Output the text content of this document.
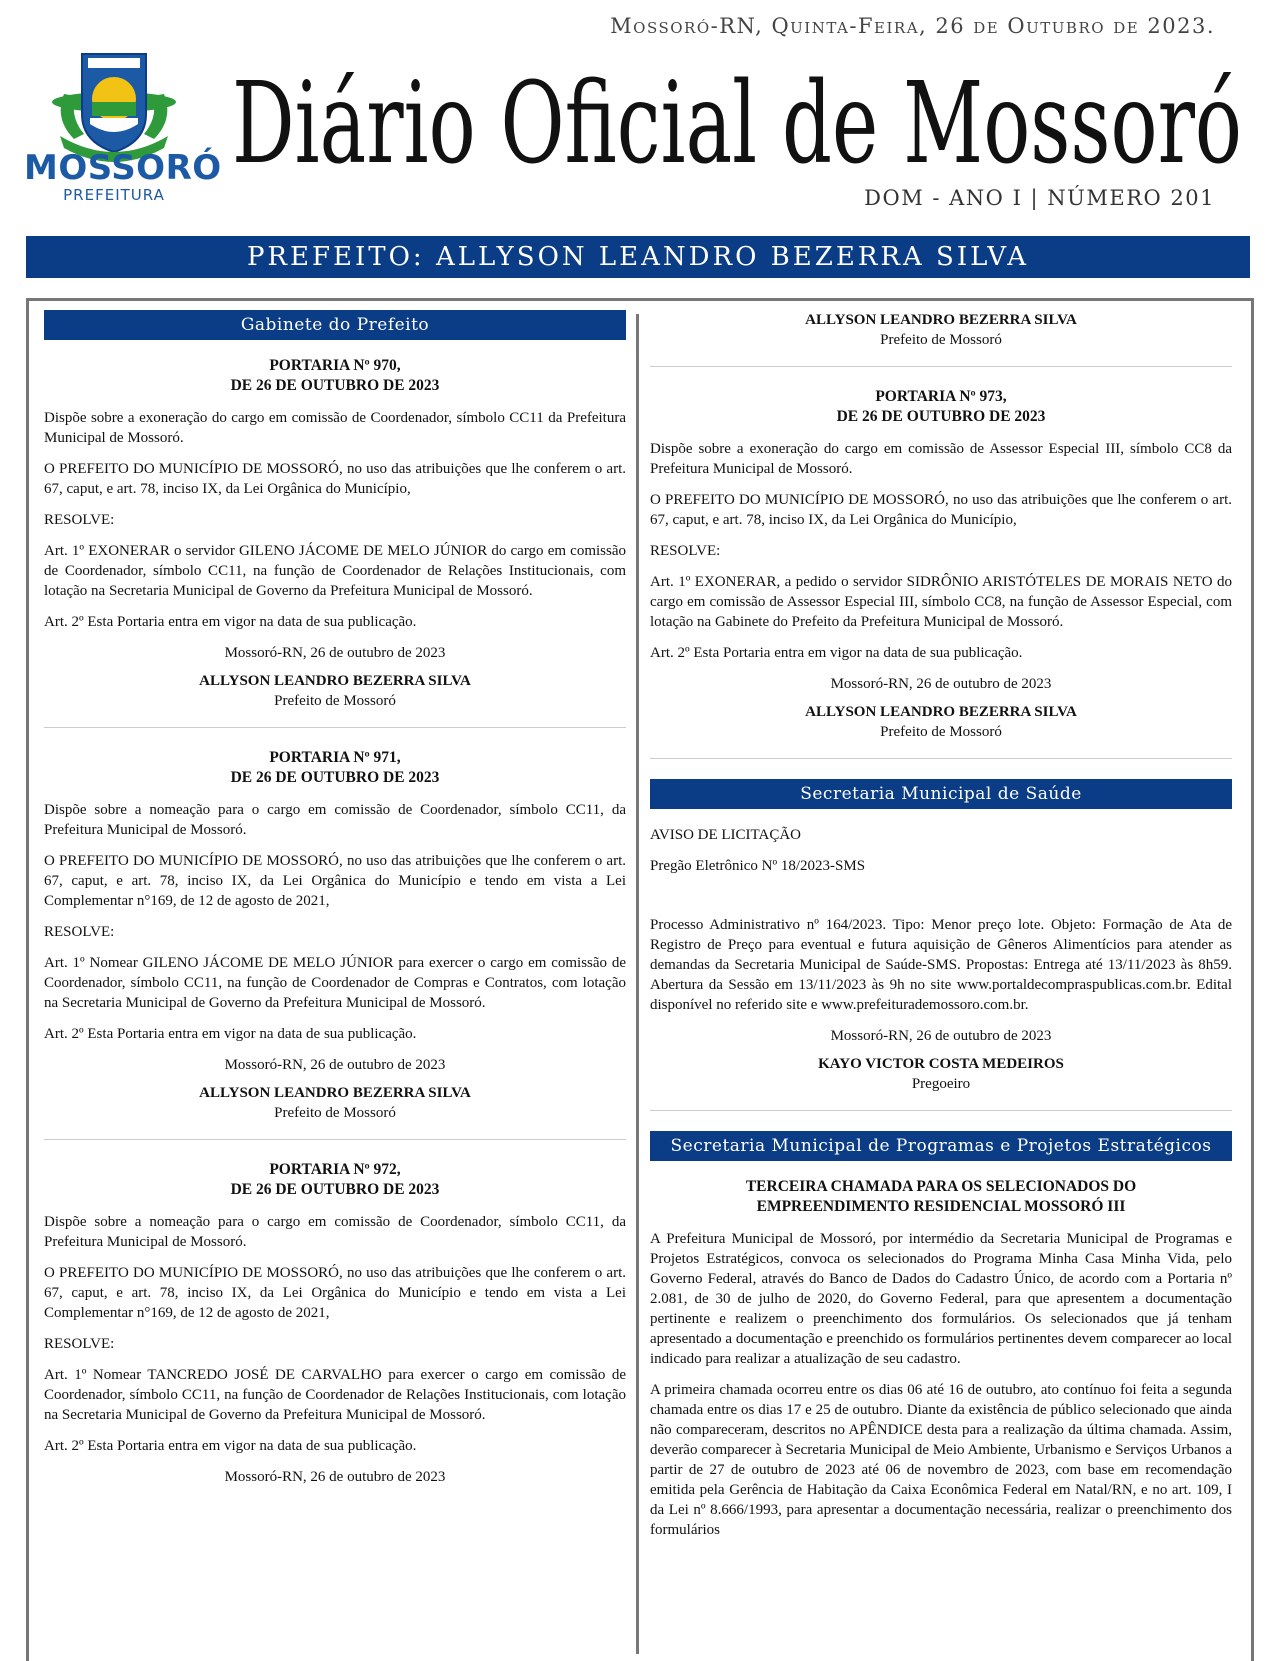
Mossoró-RN, Quinta-Feira, 26 de Outubro de 2023.
MOSSORÓ
PREFEITURA
Diário Oficial de Mossoró
DOM - ANO I | NÚMERO 201
PREFEITO: ALLYSON LEANDRO BEZERRA SILVA
Gabinete do Prefeito

PORTARIA Nº 970,
DE 26 DE OUTUBRO DE 2023

Dispõe sobre a exoneração do cargo em comissão de Coordenador, símbolo CC11 da Prefeitura Municipal de Mossoró.

O PREFEITO DO MUNICÍPIO DE MOSSORÓ, no uso das atribuições que lhe conferem o art. 67, caput, e art. 78, inciso IX, da Lei Orgânica do Município,

RESOLVE:

Art. 1º EXONERAR o servidor GILENO JÁCOME DE MELO JÚNIOR do cargo em comissão de Coordenador, símbolo CC11, na função de Coordenador de Relações Institucionais, com lotação na Secretaria Municipal de Governo da Prefeitura Municipal de Mossoró.

Art. 2º Esta Portaria entra em vigor na data de sua publicação.

Mossoró-RN, 26 de outubro de 2023

ALLYSON LEANDRO BEZERRA SILVA

Prefeito de Mossoró

PORTARIA Nº 971,
DE 26 DE OUTUBRO DE 2023

Dispõe sobre a nomeação para o cargo em comissão de Coordenador, símbolo CC11, da Prefeitura Municipal de Mossoró.

O PREFEITO DO MUNICÍPIO DE MOSSORÓ, no uso das atribuições que lhe conferem o art. 67, caput, e art. 78, inciso IX, da Lei Orgânica do Município e tendo em vista a Lei Complementar n°169, de 12 de agosto de 2021,

RESOLVE:

Art. 1º Nomear GILENO JÁCOME DE MELO JÚNIOR para exercer o cargo em comissão de Coordenador, símbolo CC11, na função de Coordenador de Compras e Contratos, com lotação na Secretaria Municipal de Governo da Prefeitura Municipal de Mossoró.

Art. 2º Esta Portaria entra em vigor na data de sua publicação.

Mossoró-RN, 26 de outubro de 2023

ALLYSON LEANDRO BEZERRA SILVA

Prefeito de Mossoró

PORTARIA Nº 972,
DE 26 DE OUTUBRO DE 2023

Dispõe sobre a nomeação para o cargo em comissão de Coordenador, símbolo CC11, da Prefeitura Municipal de Mossoró.

O PREFEITO DO MUNICÍPIO DE MOSSORÓ, no uso das atribuições que lhe conferem o art. 67, caput, e art. 78, inciso IX, da Lei Orgânica do Município e tendo em vista a Lei Complementar n°169, de 12 de agosto de 2021,

RESOLVE:

Art. 1º Nomear TANCREDO JOSÉ DE CARVALHO para exercer o cargo em comissão de Coordenador, símbolo CC11, na função de Coordenador de Relações Institucionais, com lotação na Secretaria Municipal de Governo da Prefeitura Municipal de Mossoró.

Art. 2º Esta Portaria entra em vigor na data de sua publicação.

Mossoró-RN, 26 de outubro de 2023

ALLYSON LEANDRO BEZERRA SILVA

Prefeito de Mossoró

PORTARIA Nº 973,
DE 26 DE OUTUBRO DE 2023

Dispõe sobre a exoneração do cargo em comissão de Assessor Especial III, símbolo CC8 da Prefeitura Municipal de Mossoró.

O PREFEITO DO MUNICÍPIO DE MOSSORÓ, no uso das atribuições que lhe conferem o art. 67, caput, e art. 78, inciso IX, da Lei Orgânica do Município,

RESOLVE:

Art. 1º EXONERAR, a pedido o servidor SIDRÔNIO ARISTÓTELES DE MORAIS NETO do cargo em comissão de Assessor Especial III, símbolo CC8, na função de Assessor Especial, com lotação na Gabinete do Prefeito da Prefeitura Municipal de Mossoró.

Art. 2º Esta Portaria entra em vigor na data de sua publicação.

Mossoró-RN, 26 de outubro de 2023

ALLYSON LEANDRO BEZERRA SILVA

Prefeito de Mossoró

Secretaria Municipal de Saúde

AVISO DE LICITAÇÃO

Pregão Eletrônico Nº 18/2023-SMS

Processo Administrativo nº 164/2023. Tipo: Menor preço lote. Objeto: Formação de Ata de Registro de Preço para eventual e futura aquisição de Gêneros Alimentícios para atender as demandas da Secretaria Municipal de Saúde-SMS. Propostas: Entrega até 13/11/2023 às 8h59. Abertura da Sessão em 13/11/2023 às 9h no site www.portaldecompraspublicas.com.br. Edital disponível no referido site e www.prefeiturademossoro.com.br.

Mossoró-RN, 26 de outubro de 2023

KAYO VICTOR COSTA MEDEIROS

Pregoeiro

Secretaria Municipal de Programas e Projetos Estratégicos

TERCEIRA CHAMADA PARA OS SELECIONADOS DO
EMPREENDIMENTO RESIDENCIAL MOSSORÓ III

A Prefeitura Municipal de Mossoró, por intermédio da Secretaria Municipal de Programas e Projetos Estratégicos, convoca os selecionados do Programa Minha Casa Minha Vida, pelo Governo Federal, através do Banco de Dados do Cadastro Único, de acordo com a Portaria nº 2.081, de 30 de julho de 2020, do Governo Federal, para que apresentem a documentação pertinente e realizem o preenchimento dos formulários. Os selecionados que já tenham apresentado a documentação e preenchido os formulários pertinentes devem comparecer ao local indicado para realizar a atualização de seu cadastro.

A primeira chamada ocorreu entre os dias 06 até 16 de outubro, ato contínuo foi feita a segunda chamada entre os dias 17 e 25 de outubro. Diante da existência de público selecionado que ainda não compareceram, descritos no APÊNDICE desta para a realização da última chamada. Assim, deverão comparecer à Secretaria Municipal de Meio Ambiente, Urbanismo e Serviços Urbanos a partir de 27 de outubro de 2023 até 06 de novembro de 2023, com base em recomendação emitida pela Gerência de Habitação da Caixa Econômica Federal em Natal/RN, e no art. 109, I da Lei nº 8.666/1993, para apresentar a documentação necessária, realizar o preenchimento dos formulários
